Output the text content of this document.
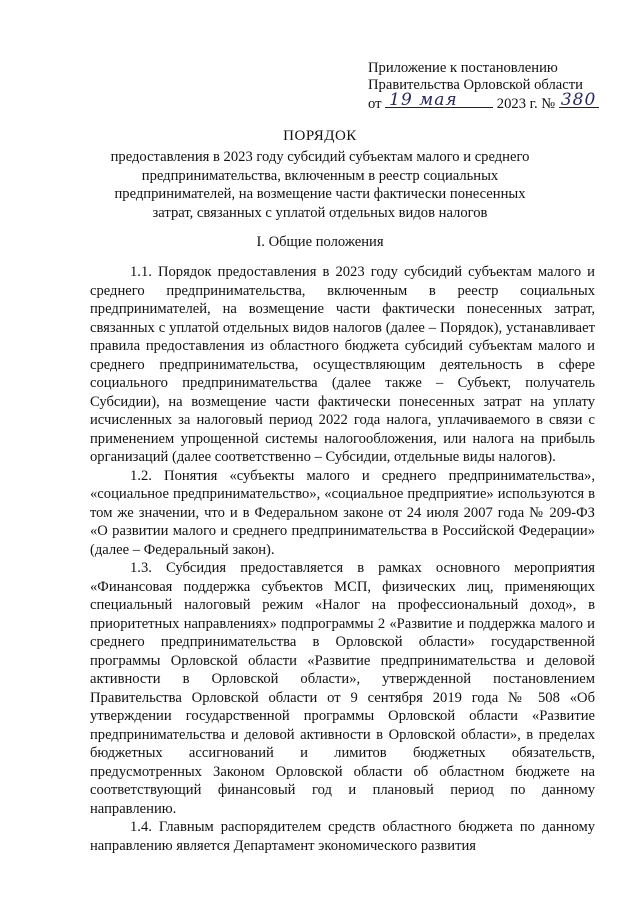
Приложение к постановлению
Правительства Орловской области
от 19 мая	2023 г. № 380
ПОРЯДОК
предоставления в 2023 году субсидий субъектам малого и среднего предпринимательства, включенным в реестр социальных предпринимателей, на возмещение части фактически понесенных затрат, связанных с уплатой отдельных видов налогов
I. Общие положения

1.1. Порядок предоставления в 2023 году субсидий субъектам малого и среднего предпринимательства, включенным в реестр социальных предпринимателей, на возмещение части фактически понесенных затрат, связанных с уплатой отдельных видов налогов (далее – Порядок), устанавливает правила предоставления из областного бюджета субсидий субъектам малого и среднего предпринимательства, осуществляющим деятельность в сфере социального предпринимательства (далее также – Субъект, получатель Субсидии), на возмещение части фактически понесенных затрат на уплату исчисленных за налоговый период 2022 года налога, уплачиваемого в связи с применением упрощенной системы налогообложения, или налога на прибыль организаций (далее соответственно – Субсидии, отдельные виды налогов).

1.2. Понятия «субъекты малого и среднего предпринимательства», «социальное предпринимательство», «социальное предприятие» используются в том же значении, что и в Федеральном законе от 24 июля 2007 года № 209-ФЗ «О развитии малого и среднего предпринимательства в Российской Федерации» (далее – Федеральный закон).

1.3. Субсидия предоставляется в рамках основного мероприятия «Финансовая поддержка субъектов МСП, физических лиц, применяющих специальный налоговый режим «Налог на профессиональный доход», в приоритетных направлениях» подпрограммы 2 «Развитие и поддержка малого и среднего предпринимательства в Орловской области» государственной программы Орловской области «Развитие предпринимательства и деловой активности в Орловской области», утвержденной постановлением Правительства Орловской области от 9 сентября 2019 года № 508 «Об утверждении государственной программы Орловской области «Развитие предпринимательства и деловой активности в Орловской области», в пределах бюджетных ассигнований и лимитов бюджетных обязательств, предусмотренных Законом Орловской области об областном бюджете на соответствующий финансовый год и плановый период по данному направлению.

1.4. Главным распорядителем средств областного бюджета по данному направлению является Департамент экономического развития
